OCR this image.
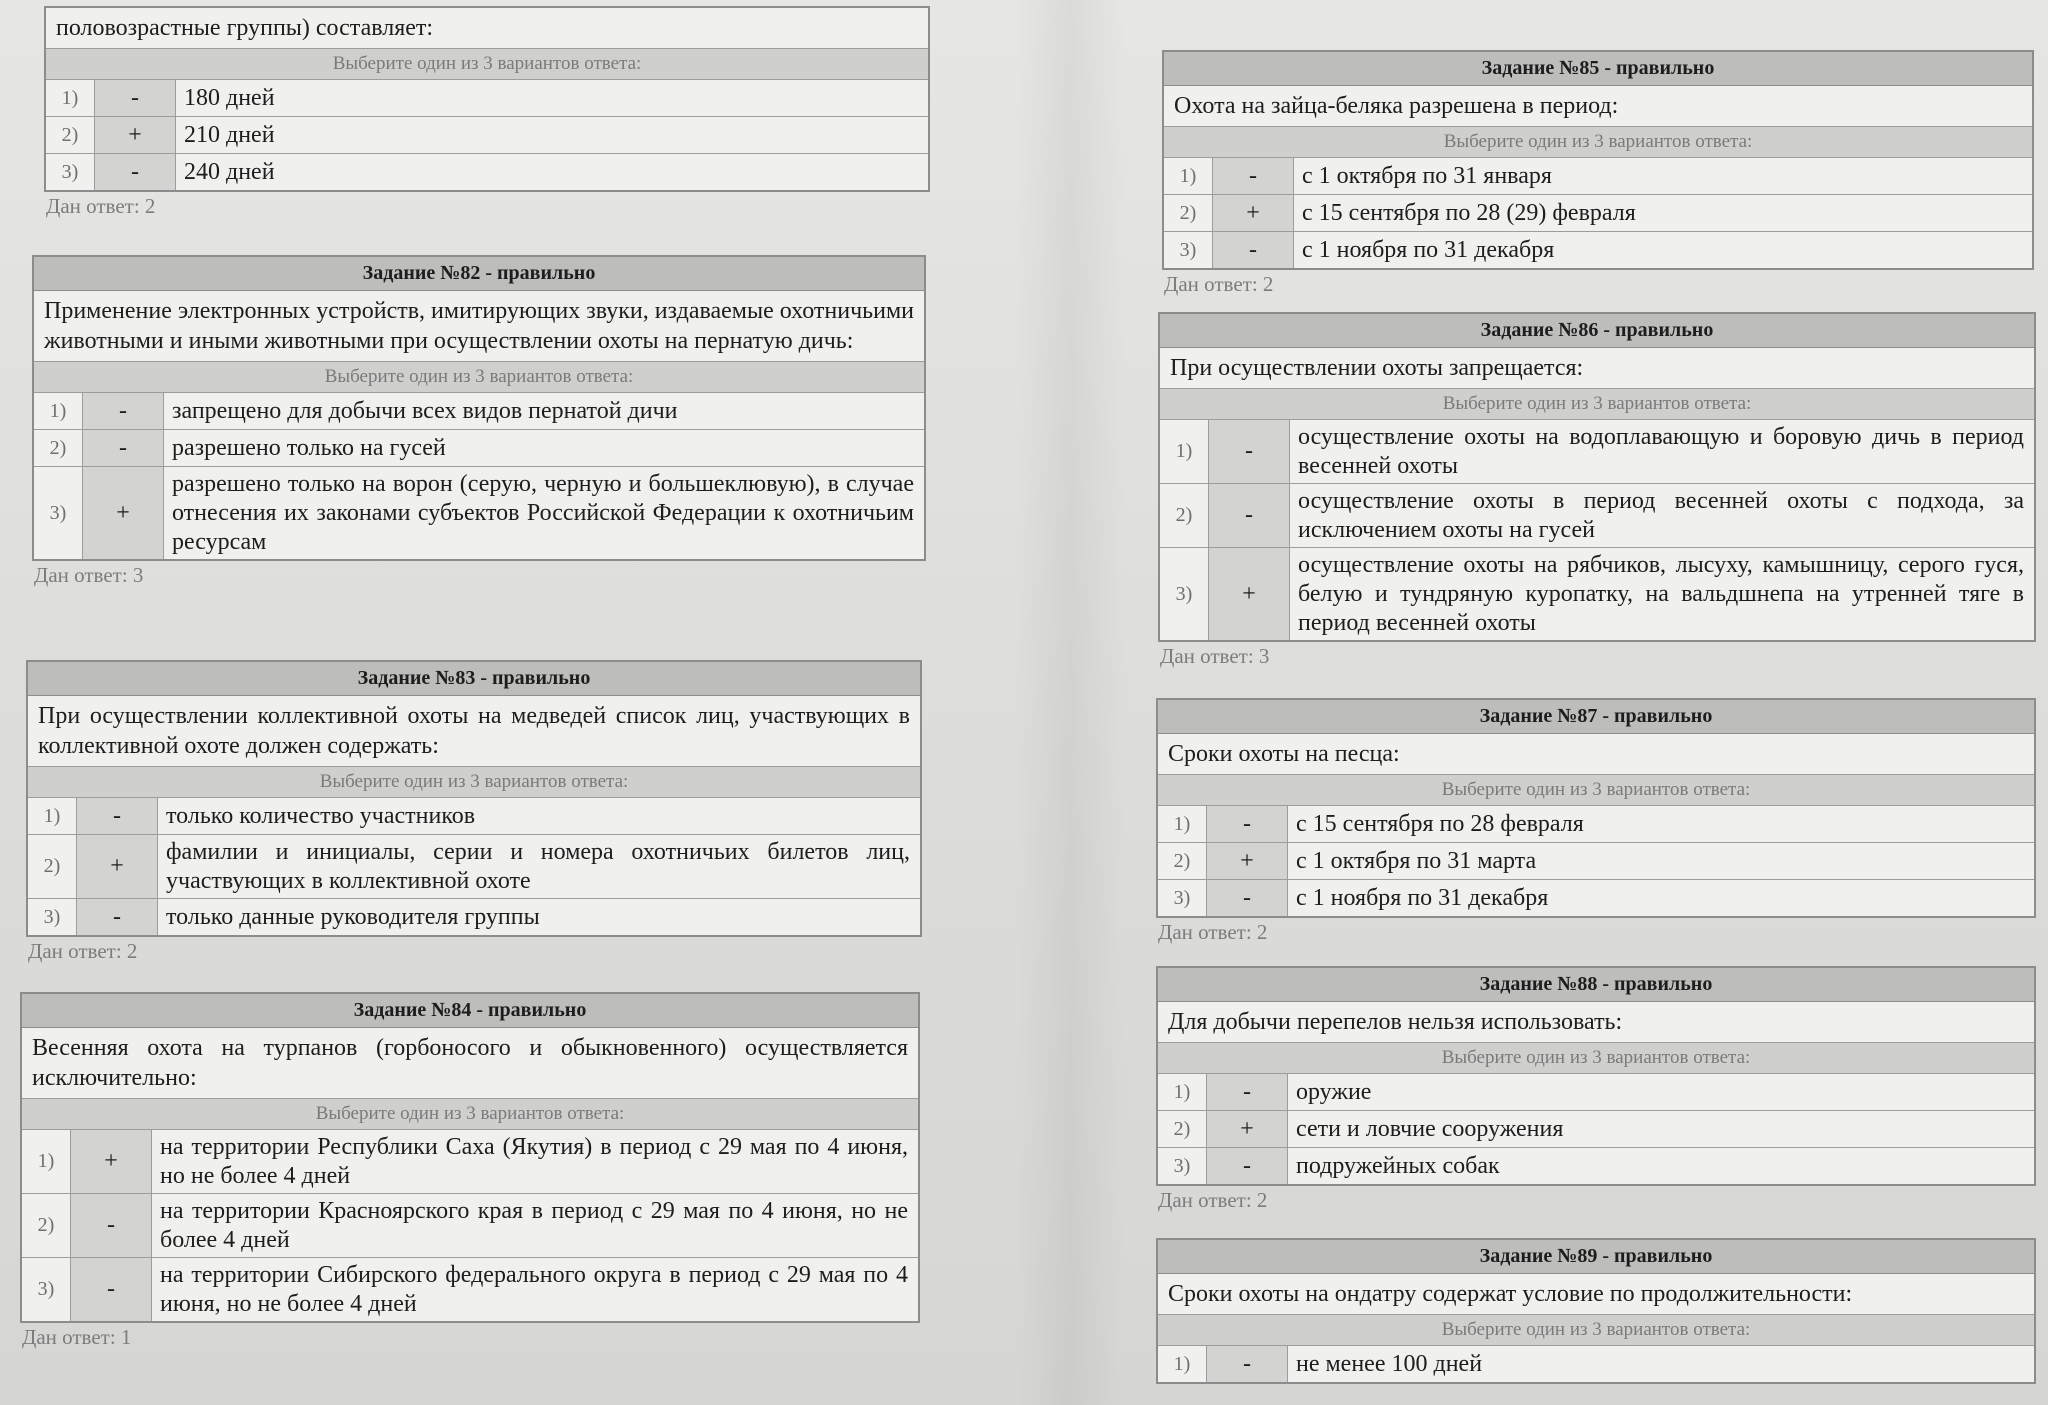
половозрастные группы) составляет:
Выберите один из 3 вариантов ответа:
1)	-	180 дней
2)	+	210 дней
3)	-	240 дней
Дан ответ: 2
Задание №82 - правильно
Применение электронных устройств, имитирующих звуки, издаваемые охотничьими животными и иными животными при осуществлении охоты на пернатую дичь:
Выберите один из 3 вариантов ответа:
1)	-	запрещено для добычи всех видов пернатой дичи
2)	-	разрешено только на гусей
3)	+
разрешено только на ворон (серую, черную и большеклювую), в случае отнесения их законами субъектов Российской Федерации к охотничьим ресурсам
Дан ответ: 3
Задание №83 - правильно
При осуществлении коллективной охоты на медведей список лиц, участвующих в коллективной охоте должен содержать:
Выберите один из 3 вариантов ответа:
1)	-	только количество участников
2)	+
фамилии и инициалы, серии и номера охотничьих билетов лиц, участвующих в коллективной охоте
3)	-	только данные руководителя группы
Дан ответ: 2
Задание №84 - правильно
Весенняя охота на турпанов (горбоносого и обыкновенного) осуществляется исключительно:
Выберите один из 3 вариантов ответа:
1)	+
на территории Республики Саха (Якутия) в период с 29 мая по 4 июня, но не более 4 дней
2)	-
на территории Красноярского края в период с 29 мая по 4 июня, но не более 4 дней
3)	-
на территории Сибирского федерального округа в период с 29 мая по 4 июня, но не более 4 дней
Дан ответ: 1
Задание №85 - правильно
Охота на зайца-беляка разрешена в период:
Выберите один из 3 вариантов ответа:
1)	-	с 1 октября по 31 января
2)	+	с 15 сентября по 28 (29) февраля
3)	-	с 1 ноября по 31 декабря
Дан ответ: 2
Задание №86 - правильно
При осуществлении охоты запрещается:
Выберите один из 3 вариантов ответа:
1)	-
осуществление охоты на водоплавающую и боровую дичь в период весенней охоты
2)	-
осуществление охоты в период весенней охоты с подхода, за исключением охоты на гусей
3)	+
осуществление охоты на рябчиков, лысуху, камышницу, серого гуся, белую и тундряную куропатку, на вальдшнепа на утренней тяге в период весенней охоты
Дан ответ: 3
Задание №87 - правильно
Сроки охоты на песца:
Выберите один из 3 вариантов ответа:
1)	-	с 15 сентября по 28 февраля
2)	+	с 1 октября по 31 марта
3)	-	с 1 ноября по 31 декабря
Дан ответ: 2
Задание №88 - правильно
Для добычи перепелов нельзя использовать:
Выберите один из 3 вариантов ответа:
1)	-	оружие
2)	+	сети и ловчие сооружения
3)	-	подружейных собак
Дан ответ: 2
Задание №89 - правильно
Сроки охоты на ондатру содержат условие по продолжительности:
Выберите один из 3 вариантов ответа:
1)	-	не менее 100 дней
